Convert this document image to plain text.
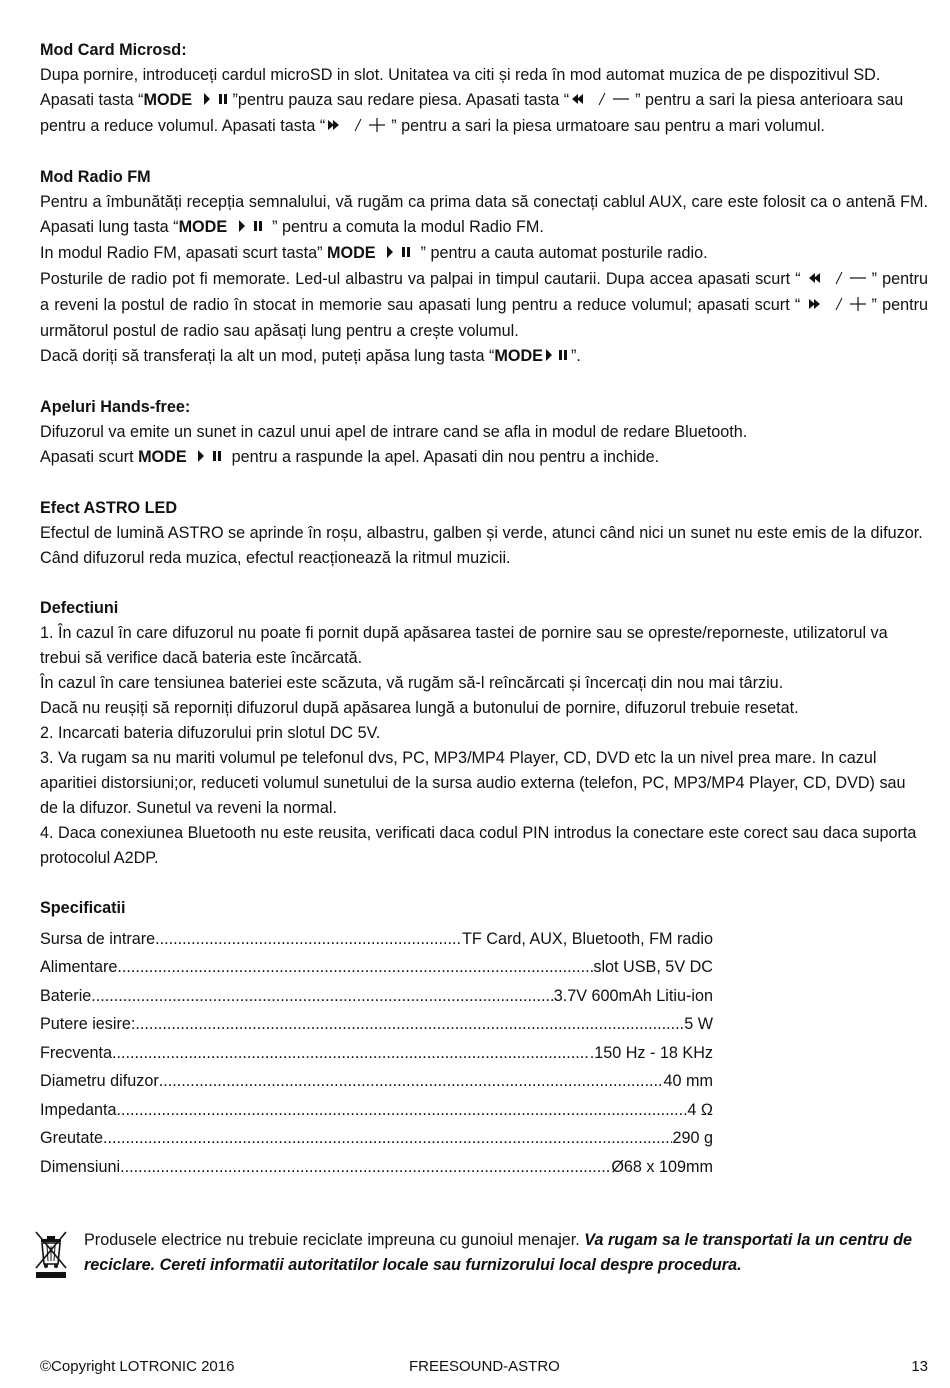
Mod Card Microsd:

Dupa pornire, introduceți cardul microSD in slot. Unitatea va citi și reda în mod automat muzica de pe dispozitivul SD. Apasati tasta “MODE	”pentru pauza sau redare piesa. Apasati tasta “	” pentru a sari la piesa anterioara sau pentru a reduce volumul. Apasati tasta “	” pentru a sari la piesa urmatoare sau pentru a mari volumul.

Mod Radio FM

Pentru a îmbunătăți recepția semnalului, vă rugăm ca prima data să conectați cablul AUX, care este folosit ca o antenă FM. Apasati lung tasta “MODE	” pentru a comuta la modul Radio FM.

In modul Radio FM, apasati scurt tasta” MODE	” pentru a cauta automat posturile radio.

Posturile de radio pot fi memorate. Led-ul albastru va palpai in timpul cautarii. Dupa accea apasati scurt “	” pentru a reveni la postul de radio în stocat in memorie sau apasati lung pentru a reduce volumul; apasati scurt “	” pentru următorul postul de radio sau apăsați lung pentru a crește volumul.

Dacă doriți să transferați la alt un mod, puteți apăsa lung tasta “MODE ”.

Apeluri Hands-free:

Difuzorul va emite un sunet in cazul unui apel de intrare cand se afla in modul de redare Bluetooth.

Apasati scurt MODE	pentru a raspunde la apel. Apasati din nou pentru a inchide.

Efect ASTRO LED

Efectul de lumină ASTRO se aprinde în roșu, albastru, galben și verde, atunci când nici un sunet nu este emis de la difuzor. Când difuzorul reda muzica, efectul reacționează la ritmul muzicii.

Defectiuni

1. În cazul în care difuzorul nu poate fi pornit după apăsarea tastei de pornire sau se opreste/reporneste, utilizatorul va trebui să verifice dacă bateria este încărcată.

În cazul în care tensiunea bateriei este scăzuta, vă rugăm să-l reîncărcati și încercați din nou mai târziu.

Dacă nu reușiți să reporniți difuzorul după apăsarea lungă a butonului de pornire, difuzorul trebuie resetat.

2. Incarcati bateria difuzorului prin slotul DC 5V.

3. Va rugam sa nu mariti volumul pe telefonul dvs, PC, MP3/MP4 Player, CD, DVD etc la un nivel prea mare. In cazul aparitiei distorsiuni;or, reduceti volumul sunetului de la sursa audio externa (telefon, PC, MP3/MP4 Player, CD, DVD) sau de la difuzor. Sunetul va reveni la normal.

4. Daca conexiunea Bluetooth nu este reusita, verificati daca codul PIN introdus la conectare este corect sau daca suporta protocolul A2DP.

Specificatii

Sursa de intrare .....	TF Card, AUX, Bluetooth, FM radio
Alimentare .....	slot USB, 5V DC
Baterie .....	3.7V 600mAh Litiu-ion
Putere iesire: .....	5 W
Frecventa .....	.150 Hz - 18 KHz
Diametru difuzor .....	40 mm
Impedanta .....	4 Ω
Greutate .....	290 g
Dimensiuni .....	Ø68 x 109mm
Produsele electrice nu trebuie reciclate impreuna cu gunoiul menajer. Va rugam sa le transportati la un centru de reciclare. Cereti informatii autoritatilor locale sau furnizorului local despre procedura.
©Copyright LOTRONIC 2016	FREESOUND-ASTRO	13
